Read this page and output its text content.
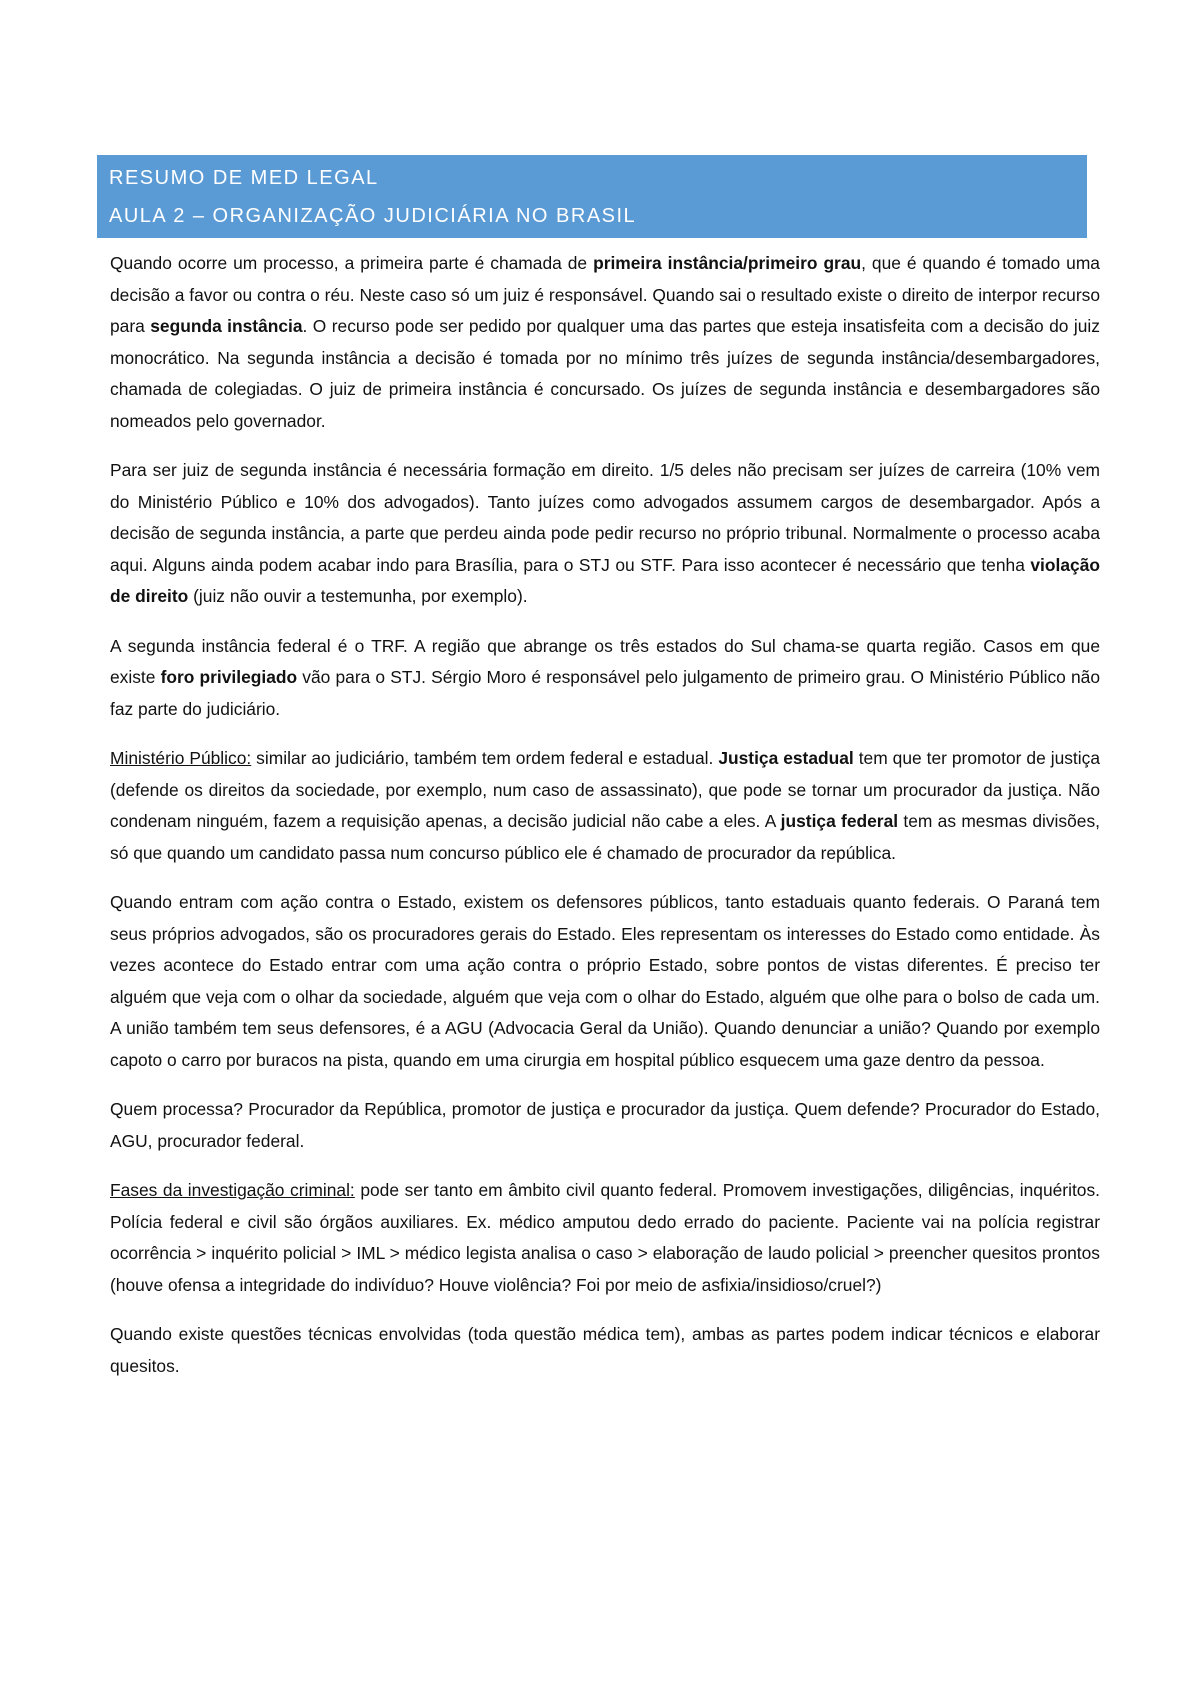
RESUMO DE MED LEGAL
AULA 2 – ORGANIZAÇÃO JUDICIÁRIA NO BRASIL

Quando ocorre um processo, a primeira parte é chamada de primeira instância/primeiro grau, que é quando é tomado uma decisão a favor ou contra o réu. Neste caso só um juiz é responsável. Quando sai o resultado existe o direito de interpor recurso para segunda instância. O recurso pode ser pedido por qualquer uma das partes que esteja insatisfeita com a decisão do juiz monocrático. Na segunda instância a decisão é tomada por no mínimo três juízes de segunda instância/desembargadores, chamada de colegiadas. O juiz de primeira instância é concursado. Os juízes de segunda instância e desembargadores são nomeados pelo governador.

Para ser juiz de segunda instância é necessária formação em direito. 1/5 deles não precisam ser juízes de carreira (10% vem do Ministério Público e 10% dos advogados). Tanto juízes como advogados assumem cargos de desembargador. Após a decisão de segunda instância, a parte que perdeu ainda pode pedir recurso no próprio tribunal. Normalmente o processo acaba aqui. Alguns ainda podem acabar indo para Brasília, para o STJ ou STF. Para isso acontecer é necessário que tenha violação de direito (juiz não ouvir a testemunha, por exemplo).

A segunda instância federal é o TRF. A região que abrange os três estados do Sul chama-se quarta região. Casos em que existe foro privilegiado vão para o STJ. Sérgio Moro é responsável pelo julgamento de primeiro grau. O Ministério Público não faz parte do judiciário.

Ministério Público: similar ao judiciário, também tem ordem federal e estadual. Justiça estadual tem que ter promotor de justiça (defende os direitos da sociedade, por exemplo, num caso de assassinato), que pode se tornar um procurador da justiça. Não condenam ninguém, fazem a requisição apenas, a decisão judicial não cabe a eles. A justiça federal tem as mesmas divisões, só que quando um candidato passa num concurso público ele é chamado de procurador da república.

Quando entram com ação contra o Estado, existem os defensores públicos, tanto estaduais quanto federais. O Paraná tem seus próprios advogados, são os procuradores gerais do Estado. Eles representam os interesses do Estado como entidade. Às vezes acontece do Estado entrar com uma ação contra o próprio Estado, sobre pontos de vistas diferentes. É preciso ter alguém que veja com o olhar da sociedade, alguém que veja com o olhar do Estado, alguém que olhe para o bolso de cada um. A união também tem seus defensores, é a AGU (Advocacia Geral da União). Quando denunciar a união? Quando por exemplo capoto o carro por buracos na pista, quando em uma cirurgia em hospital público esquecem uma gaze dentro da pessoa.

Quem processa? Procurador da República, promotor de justiça e procurador da justiça. Quem defende? Procurador do Estado, AGU, procurador federal.

Fases da investigação criminal: pode ser tanto em âmbito civil quanto federal. Promovem investigações, diligências, inquéritos. Polícia federal e civil são órgãos auxiliares. Ex. médico amputou dedo errado do paciente. Paciente vai na polícia registrar ocorrência > inquérito policial > IML > médico legista analisa o caso > elaboração de laudo policial > preencher quesitos prontos (houve ofensa a integridade do indivíduo? Houve violência? Foi por meio de asfixia/insidioso/cruel?)

Quando existe questões técnicas envolvidas (toda questão médica tem), ambas as partes podem indicar técnicos e elaborar quesitos.
